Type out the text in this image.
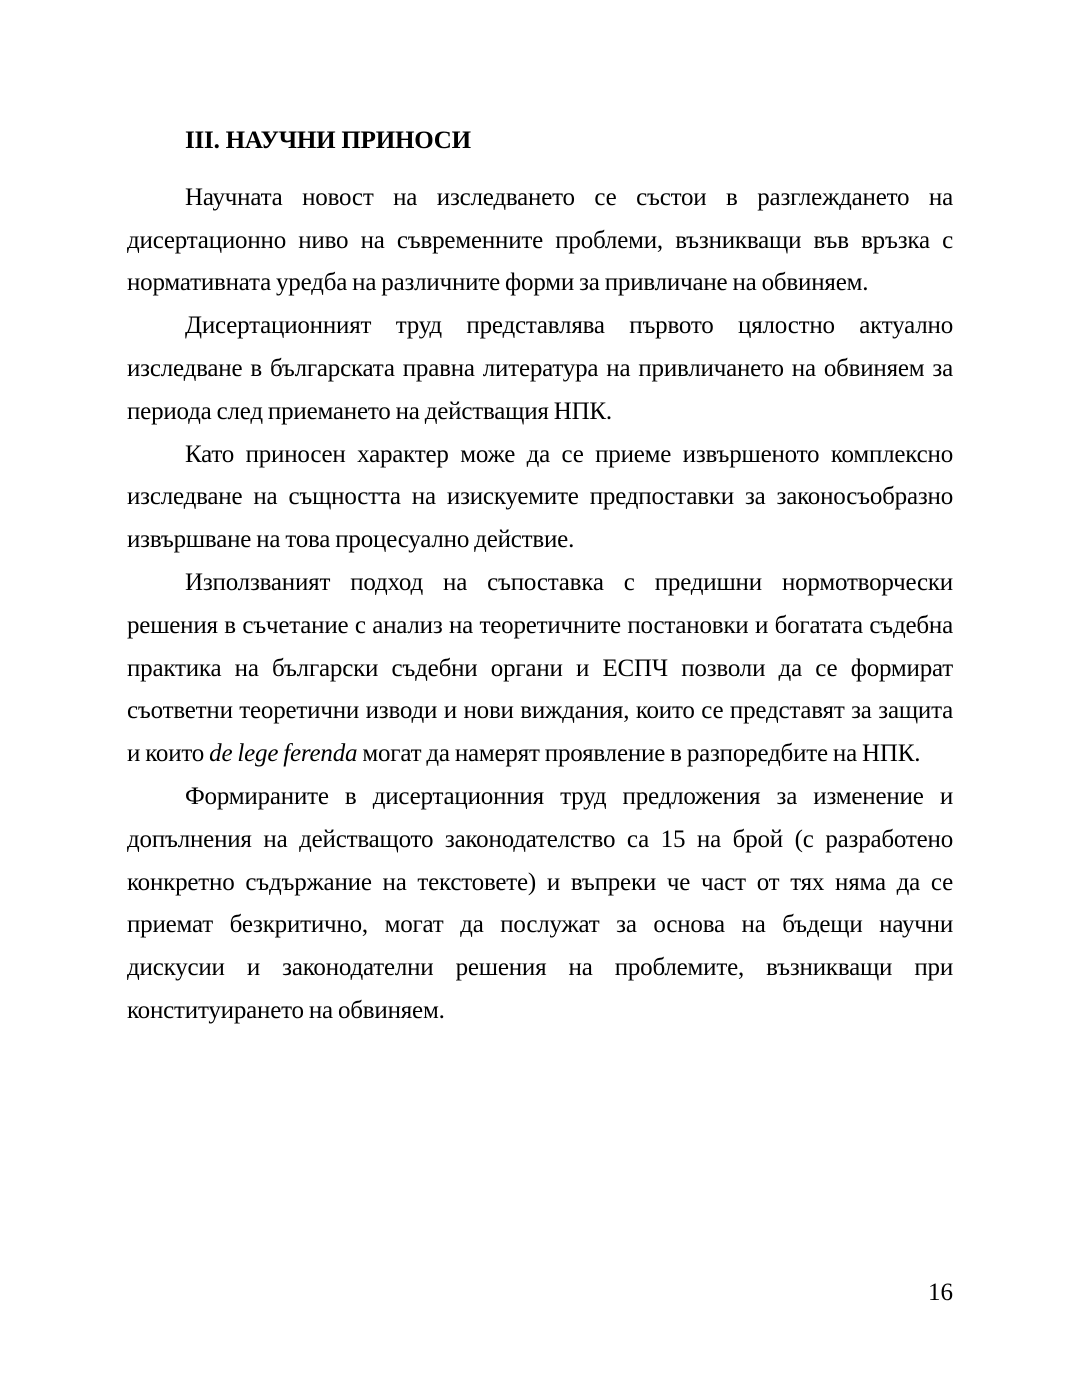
III. НАУЧНИ ПРИНОСИ
Научната новост на изследването се състои в разглеждането на
дисертационно ниво на съвременните проблеми, възникващи във връзка с
нормативната уредба на различните форми за привличане на обвиняем.
Дисертационният труд представлява първото цялостно актуално
изследване в българската правна литература на привличането на обвиняем за
периода след приемането на действащия НПК.
Като приносен характер може да се приеме извършеното комплексно
изследване на същността на изискуемите предпоставки за законосъобразно
извършване на това процесуално действие.
Използваният подход на съпоставка с предишни нормотворчески
решения в съчетание с анализ на теоретичните постановки и богатата съдебна
практика на български съдебни органи и ЕСПЧ позволи да се формират
съответни теоретични изводи и нови виждания, които се представят за защита
и които de lege ferenda могат да намерят проявление в разпоредбите на НПК.
Формираните в дисертационния труд предложения за изменение и
допълнения на действащото законодателство са 15 на брой (с разработено
конкретно съдържание на текстовете) и въпреки че част от тях няма да се
приемат безкритично, могат да послужат за основа на бъдещи научни
дискусии и законодателни решения на проблемите, възникващи при
конституирането на обвиняем.
16
